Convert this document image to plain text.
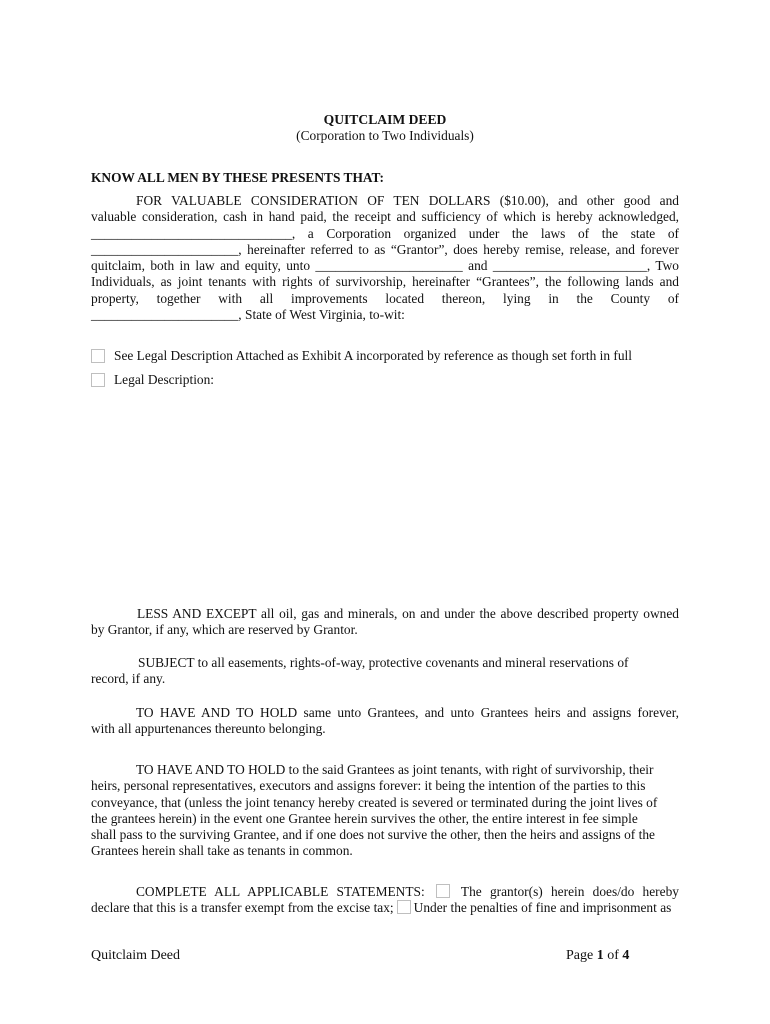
QUITCLAIM DEED
(Corporation to Two Individuals)
KNOW ALL MEN BY THESE PRESENTS THAT:
FOR VALUABLE CONSIDERATION OF TEN DOLLARS ($10.00), and other good and
valuable consideration, cash in hand paid, the receipt and sufficiency of which is hereby acknowledged,
______________________________, a Corporation organized under the laws of the state of
______________________, hereinafter referred to as “Grantor”, does hereby remise, release, and forever
quitclaim, both in law and equity, unto ______________________ and _______________________, Two
Individuals, as joint tenants with rights of survivorship, hereinafter “Grantees”, the following lands and
property, together with all improvements located thereon, lying in the County of
______________________, State of West Virginia, to-wit:
See Legal Description Attached as Exhibit A incorporated by reference as though set forth in full
Legal Description:
LESS AND EXCEPT all oil, gas and minerals, on and under the above described property owned
by Grantor, if any, which are reserved by Grantor.
SUBJECT to all easements, rights-of-way, protective covenants and mineral reservations of
record, if any.
TO HAVE AND TO HOLD same unto Grantees, and unto Grantees heirs and assigns forever,
with all appurtenances thereunto belonging.
TO HAVE AND TO HOLD to the said Grantees as joint tenants, with right of survivorship, their
heirs, personal representatives, executors and assigns forever: it being the intention of the parties to this
conveyance, that (unless the joint tenancy hereby created is severed or terminated during the joint lives of
the grantees herein) in the event one Grantee herein survives the other, the entire interest in fee simple
shall pass to the surviving Grantee, and if one does not survive the other, then the heirs and assigns of the
Grantees herein shall take as tenants in common.
COMPLETE ALL APPLICABLE STATEMENTS:	The grantor(s) herein does/do hereby
declare that this is a transfer exempt from the excise tax; Under the penalties of fine and imprisonment as
Quitclaim Deed	Page 1 of 4
